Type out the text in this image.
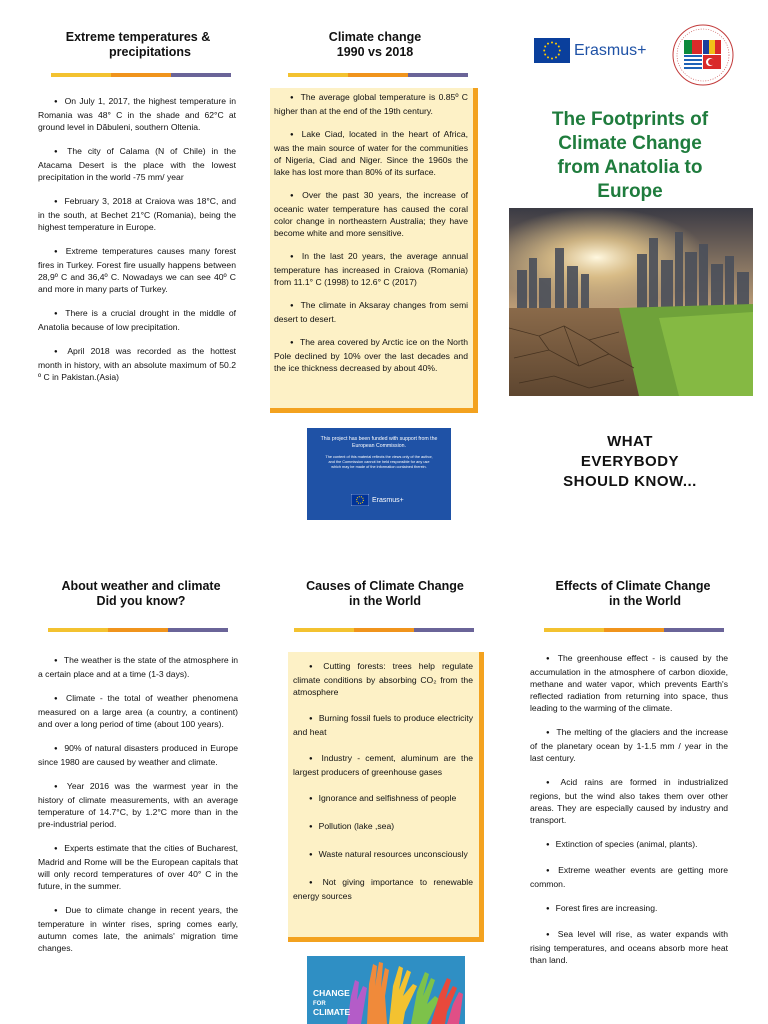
Extreme temperatures &
precipitations
● On July 1, 2017, the highest temperature in Romania was 48° C in the shade and 62°C at ground level in Dăbuleni, southern Oltenia.
● The city of Calama (N of Chile) in the Atacama Desert is the place with the lowest precipitation in the world -75 mm/ year
● February 3, 2018 at Craiova was 18°C, and in the south, at Bechet 21°C (Romania), being the highest temperature in Europe.
● Extreme temperatures causes many forest fires in Turkey. Forest fire usually happens between 28,9º C and 36,4º C. Nowadays we can see 40º C and more in many parts of Turkey.
● There is a crucial drought in the middle of Anatolia because of low precipitation.
● April 2018 was recorded as the hottest month in history, with an absolute maximum of 50.2 º C in Pakistan.(Asia)
Climate change
1990 vs 2018
● The average global temperature is 0.85º C higher than at the end of the 19th century.
● Lake Ciad, located in the heart of Africa, was the main source of water for the communities of Nigeria, Ciad and Niger. Since the 1960s the lake has lost more than 80% of its surface.
● Over the past 30 years, the increase of oceanic water temperature has caused the coral color change in northeastern Australia; they have become white and more sensitive.
● In the last 20 years, the average annual temperature has increased in Craiova (Romania) from 11.1° C (1998) to 12.6° C (2017)
● The climate in Aksaray changes from semi desert to desert.
● The area covered by Arctic ice on the North Pole declined by 10% over the last decades and the ice thickness decreased by about 40%.
This project has been funded with support from the European Commission.
The content of this material reflects the views only of the author, and the Commission cannot be held responsible for any use which may be made of the information contained therein.
Erasmus+
Erasmus+
The Footprints of
Climate Change
from Anatolia to
Europe
WHAT
EVERYBODY
SHOULD KNOW...
About weather and climate
Did you know?
● The weather is the state of the atmosphere in a certain place and at a time (1-3 days).
● Climate - the total of weather phenomena measured on a large area (a country, a continent) and over a long period of time (about 100 years).
● 90% of natural disasters produced in Europe since 1980 are caused by weather and climate.
● Year 2016 was the warmest year in the history of climate measurements, with an average temperature of 14.7°C, by 1.2°C more than in the pre-industrial period.
● Experts estimate that the cities of Bucharest, Madrid and Rome will be the European capitals that will only record temperatures of over 40° C in the future, in the summer.
● Due to climate change in recent years, the temperature in winter rises, spring comes early, autumn comes late, the animals' migration time changes.
Causes of Climate Change
in the World
● Cutting forests: trees help regulate climate conditions by absorbing CO₂ from the atmosphere
● Burning fossil fuels to produce electricity and heat
● Industry - cement, aluminum are the largest producers of greenhouse gases
● Ignorance and selfishness of people
● Pollution (lake ,sea)
● Waste natural resources unconsciously
● Not giving importance to renewable energy sources
CHANGE
FOR
CLIMATE
Effects of Climate Change
in the World
● The greenhouse effect - is caused by the accumulation in the atmosphere of carbon dioxide, methane and water vapor, which prevents Earth's reflected radiation from returning into space, thus leading to the warming of the climate.
● The melting of the glaciers and the increase of the planetary ocean by 1-1.5 mm / year in the last century.
● Acid rains are formed in industrialized regions, but the wind also takes them over other areas. They are especially caused by industry and transport.
● Extinction of species (animal, plants).
● Extreme weather events are getting more common.
● Forest fires are increasing.
● Sea level will rise, as water expands with rising temperatures, and oceans absorb more heat than land.
